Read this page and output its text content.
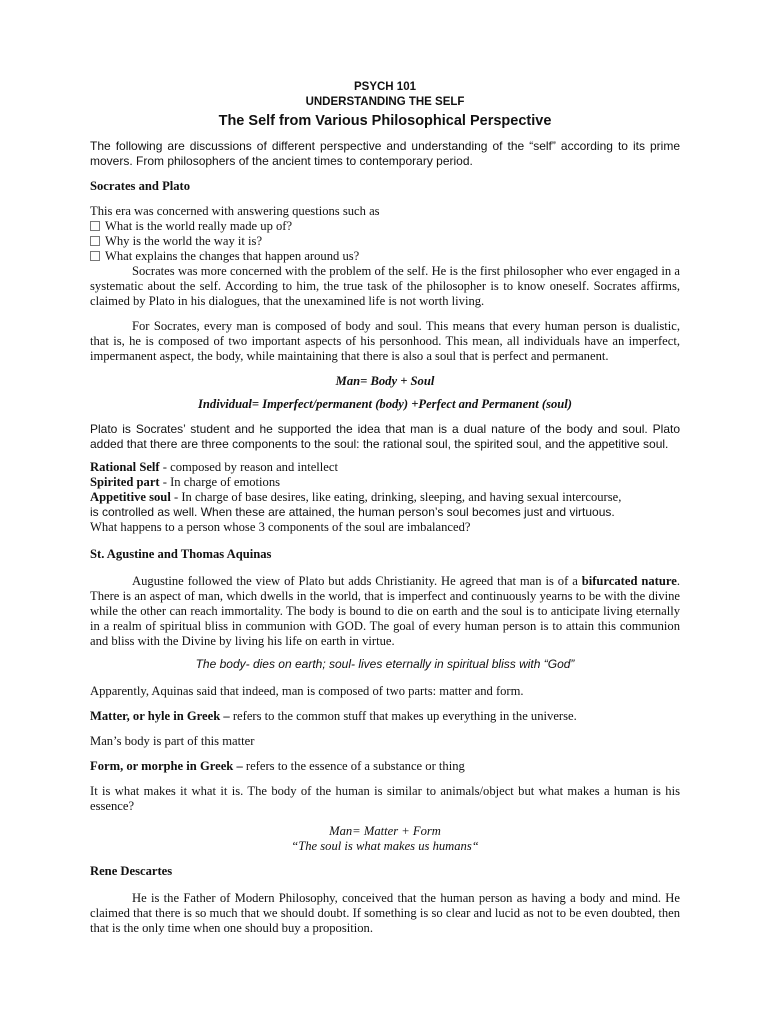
PSYCH 101
UNDERSTANDING THE SELF
The Self from Various Philosophical Perspective

The following are discussions of different perspective and understanding of the “self” according to its prime movers. From philosophers of the ancient times to contemporary period.

Socrates and Plato

This era was concerned with answering questions such as

What is the world really made up of?
Why is the world the way it is?
What explains the changes that happen around us?

Socrates was more concerned with the problem of the self. He is the first philosopher who ever engaged in a systematic about the self. According to him, the true task of the philosopher is to know oneself. Socrates affirms, claimed by Plato in his dialogues, that the unexamined life is not worth living.

For Socrates, every man is composed of body and soul. This means that every human person is dualistic, that is, he is composed of two important aspects of his personhood. This mean, all individuals have an imperfect, impermanent aspect, the body, while maintaining that there is also a soul that is perfect and permanent.

Man= Body + Soul

Individual= Imperfect/permanent (body) +Perfect and Permanent (soul)

Plato is Socrates’ student and he supported the idea that man is a dual nature of the body and soul. Plato added that there are three components to the soul: the rational soul, the spirited soul, and the appetitive soul.

Rational Self - composed by reason and intellect

Spirited part - In charge of emotions

Appetitive soul - In charge of base desires, like eating, drinking, sleeping, and having sexual intercourse,

is controlled as well. When these are attained, the human person’s soul becomes just and virtuous.

What happens to a person whose 3 components of the soul are imbalanced?

St. Agustine and Thomas Aquinas

Augustine followed the view of Plato but adds Christianity. He agreed that man is of a bifurcated nature. There is an aspect of man, which dwells in the world, that is imperfect and continuously yearns to be with the divine while the other can reach immortality. The body is bound to die on earth and the soul is to anticipate living eternally in a realm of spiritual bliss in communion with GOD. The goal of every human person is to attain this communion and bliss with the Divine by living his life on earth in virtue.

The body- dies on earth; soul- lives eternally in spiritual bliss with “God”

Apparently, Aquinas said that indeed, man is composed of two parts: matter and form.

Matter, or hyle in Greek – refers to the common stuff that makes up everything in the universe.

Man’s body is part of this matter

Form, or morphe in Greek – refers to the essence of a substance or thing

It is what makes it what it is. The body of the human is similar to animals/object but what makes a human is his essence?

Man= Matter + Form

“The soul is what makes us humans“

Rene Descartes

He is the Father of Modern Philosophy, conceived that the human person as having a body and mind. He claimed that there is so much that we should doubt. If something is so clear and lucid as not to be even doubted, then that is the only time when one should buy a proposition.
